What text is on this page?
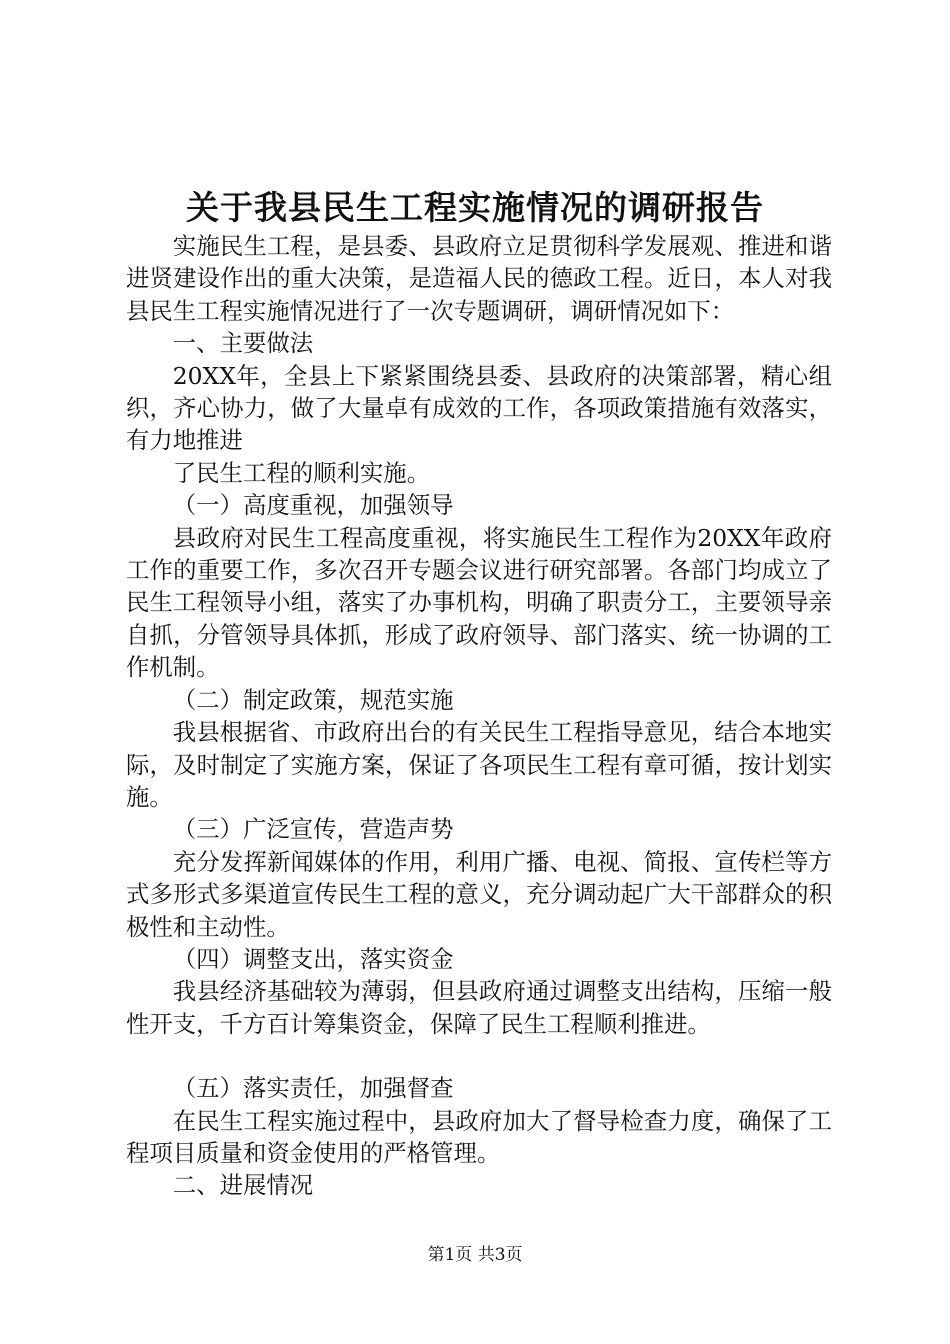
关于我县民生工程实施情况的调研报告

实施民生工程，是县委、县政府立足贯彻科学发展观、推进和谐进贤建设作出的重大决策，是造福人民的德政工程。近日，本人对我县民生工程实施情况进行了一次专题调研，调研情况如下：

一、主要做法

20XX年，全县上下紧紧围绕县委、县政府的决策部署，精心组织，齐心协力，做了大量卓有成效的工作，各项政策措施有效落实，有力地推进

了民生工程的顺利实施。

（一）高度重视，加强领导

县政府对民生工程高度重视，将实施民生工程作为20XX年政府工作的重要工作，多次召开专题会议进行研究部署。各部门均成立了民生工程领导小组，落实了办事机构，明确了职责分工，主要领导亲自抓，分管领导具体抓，形成了政府领导、部门落实、统一协调的工作机制。

（二）制定政策，规范实施

我县根据省、市政府出台的有关民生工程指导意见，结合本地实际，及时制定了实施方案，保证了各项民生工程有章可循，按计划实施。

（三）广泛宣传，营造声势

充分发挥新闻媒体的作用，利用广播、电视、简报、宣传栏等方式多形式多渠道宣传民生工程的意义，充分调动起广大干部群众的积极性和主动性。

（四）调整支出，落实资金

我县经济基础较为薄弱，但县政府通过调整支出结构，压缩一般性开支，千方百计筹集资金，保障了民生工程顺利推进。

（五）落实责任，加强督查

在民生工程实施过程中，县政府加大了督导检查力度，确保了工程项目质量和资金使用的严格管理。

二、进展情况

第1页 共3页
